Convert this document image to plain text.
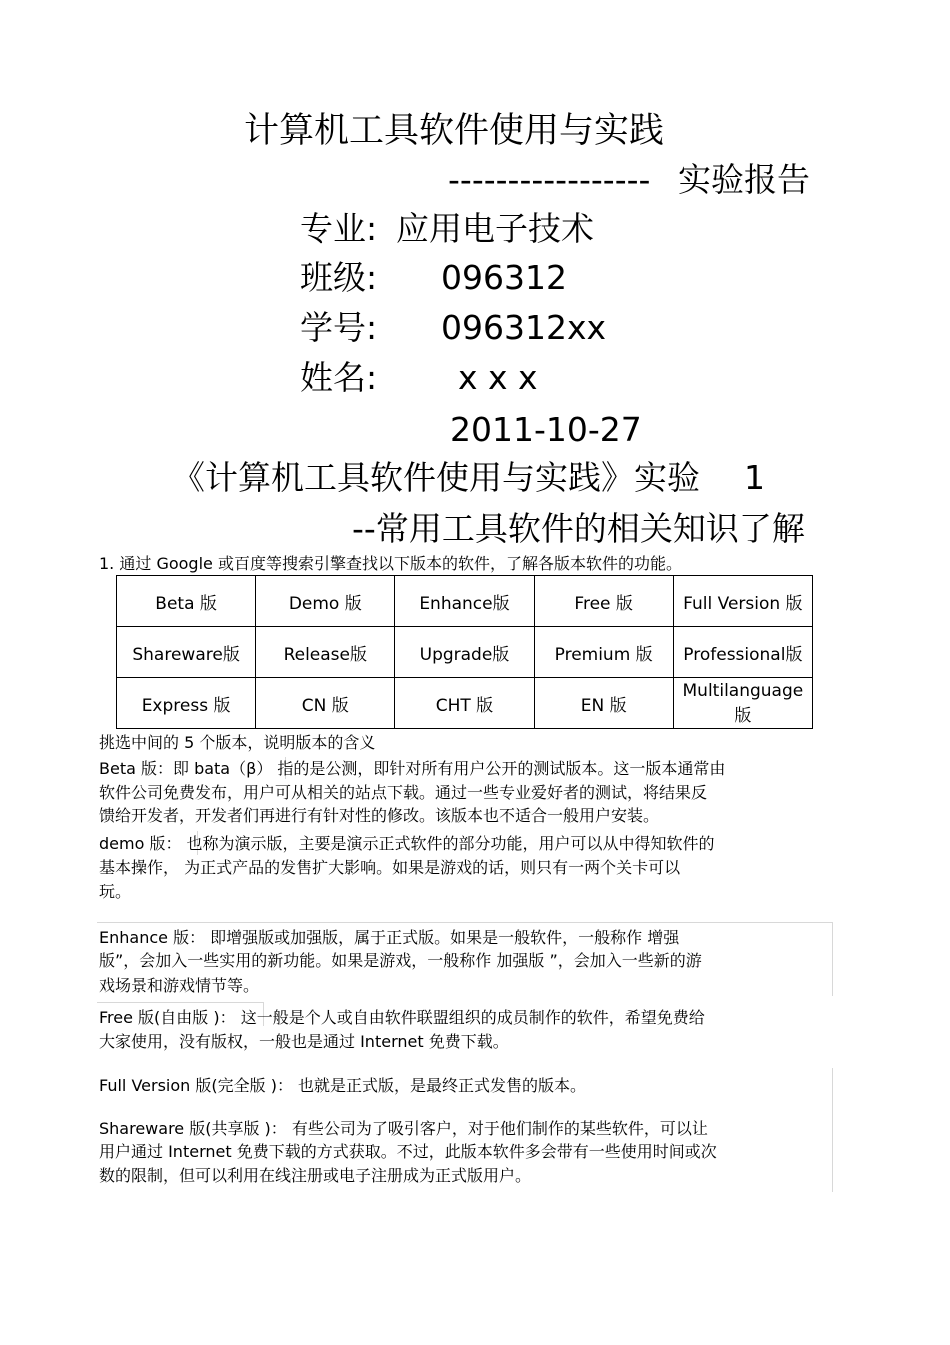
计算机工具软件使用与实践
----------------- 实验报告
专业: 应用电子技术
班级: 096312
学号: 096312xx
姓名: x x x
2011-10-27
《计算机工具软件使用与实践》实验 1
--常用工具软件的相关知识了解
1. 通过 Google 或百度等搜索引擎查找以下版本的软件，了解各版本软件的功能。
Beta 版	Demo 版	Enhance版	Free 版	Full Version 版
Shareware版	Release版	Upgrade版	Premium 版	Professional版
Express 版	CN 版	CHT 版	EN 版	Multilanguage 版
挑选中间的 5 个版本，说明版本的含义
Beta 版：即 bata（β） 指的是公测，即针对所有用户公开的测试版本。这一版本通常由
软件公司免费发布，用户可从相关的站点下载。通过一些专业爱好者的测试，将结果反
馈给开发者，开发者们再进行有针对性的修改。该版本也不适合一般用户安装。
demo 版： 也称为演示版，主要是演示正式软件的部分功能，用户可以从中得知软件的
基本操作， 为正式产品的发售扩大影响。如果是游戏的话，则只有一两个关卡可以
玩。
Enhance 版： 即增强版或加强版，属于正式版。如果是一般软件，一般称作 增强
版”，会加入一些实用的新功能。如果是游戏，一般称作 加强版 ”，会加入一些新的游
戏场景和游戏情节等。
Free 版(自由版 )： 这一般是个人或自由软件联盟组织的成员制作的软件，希望免费给
大家使用，没有版权，一般也是通过 Internet 免费下载。
Full Version 版(完全版 )： 也就是正式版，是最终正式发售的版本。
Shareware 版(共享版 )： 有些公司为了吸引客户，对于他们制作的某些软件，可以让
用户通过 Internet 免费下载的方式获取。不过，此版本软件多会带有一些使用时间或次
数的限制，但可以利用在线注册或电子注册成为正式版用户。
